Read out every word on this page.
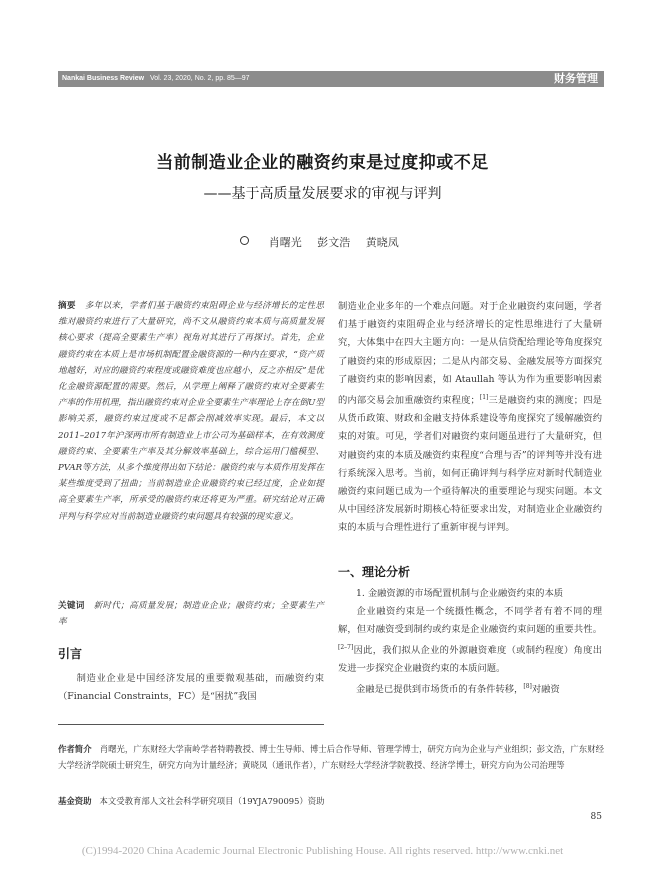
Nankai Business Review Vol. 23, 2020, No. 2, pp. 85—97	财务管理
当前制造业企业的融资约束是过度抑或不足
——基于高质量发展要求的审视与评判
肖曙光 彭文浩 黄晓凤
摘要 多年以来，学者们基于融资约束阻碍企业与经济增长的定性思维对融资约束进行了大量研究，尚不文从融资约束本质与高质量发展核心要求（提高全要素生产率）视角对其进行了再探讨。首先，企业融资约束在本质上是市场机制配置金融资源的一种内在要求，“资产质地越好，对应的融资约束程度或融资难度也应越小，反之亦相反”是优化金融资源配置的需要。然后，从学理上阐释了融资约束对全要素生产率的作用机理，指出融资约束对企业全要素生产率理论上存在倒U型影响关系，融资约束过度或不足都会削减效率实现。最后，本文以2011–2017年沪深两市所有制造业上市公司为基础样本，在有效测度融资约束、全要素生产率及其分解效率基础上，综合运用门槛模型、PVAR等方法，从多个维度得出如下结论：融资约束与本质作用发挥在某些维度受到了扭曲；当前制造业企业融资约束已经过度，企业如提高全要素生产率，所承受的融资约束还将更为严重。研究结论对正确评判与科学应对当前制造业融资约束问题具有较强的现实意义。
关键词 新时代；高质量发展；制造业企业；融资约束；全要素生产率
引言
制造业企业是中国经济发展的重要微观基础，而融资约束（Financial Constraints，FC）是“困扰”我国
制造业企业多年的一个难点问题。对于企业融资约束问题，学者们基于融资约束阻碍企业与经济增长的定性思维进行了大量研究，大体集中在四大主题方向：一是从信贷配给理论等角度探究了融资约束的形成原因；二是从内部交易、金融发展等方面探究了融资约束的影响因素，如 Ataullah 等认为作为重要影响因素的内部交易会加重融资约束程度；[1]三是融资约束的测度；四是从货币政策、财政和金融支持体系建设等角度探究了缓解融资约束的对策。可见，学者们对融资约束问题虽进行了大量研究，但对融资约束的本质及融资约束程度“合理与否”的评判等并没有进行系统深入思考。当前，如何正确评判与科学应对新时代制造业融资约束问题已成为一个亟待解决的重要理论与现实问题。本文从中国经济发展新时期核心特征要求出发，对制造业企业融资约束的本质与合理性进行了重新审视与评判。
一、理论分析
1. 金融资源的市场配置机制与企业融资约束的本质
企业融资约束是一个统摄性概念，不同学者有着不同的理解，但对融资受到制约或约束是企业融资约束问题的重要共性。[2–7]因此，我们拟从企业的外源融资难度（或制约程度）角度出发进一步探究企业融资约束的本质问题。
金融是已提供到市场货币的有条件转移，[8]对融资
作者简介 肖曙光，广东财经大学南岭学者特聘教授、博士生导师、博士后合作导师、管理学博士，研究方向为企业与产业组织；彭文浩，广东财经大学经济学院硕士研究生，研究方向为计量经济；黄晓凤（通讯作者），广东财经大学经济学院教授、经济学博士，研究方向为公司治理等
基金资助 本文受教育部人文社会科学研究项目（19YJA790095）资助
85
(C)1994-2020 China Academic Journal Electronic Publishing House. All rights reserved. http://www.cnki.net
